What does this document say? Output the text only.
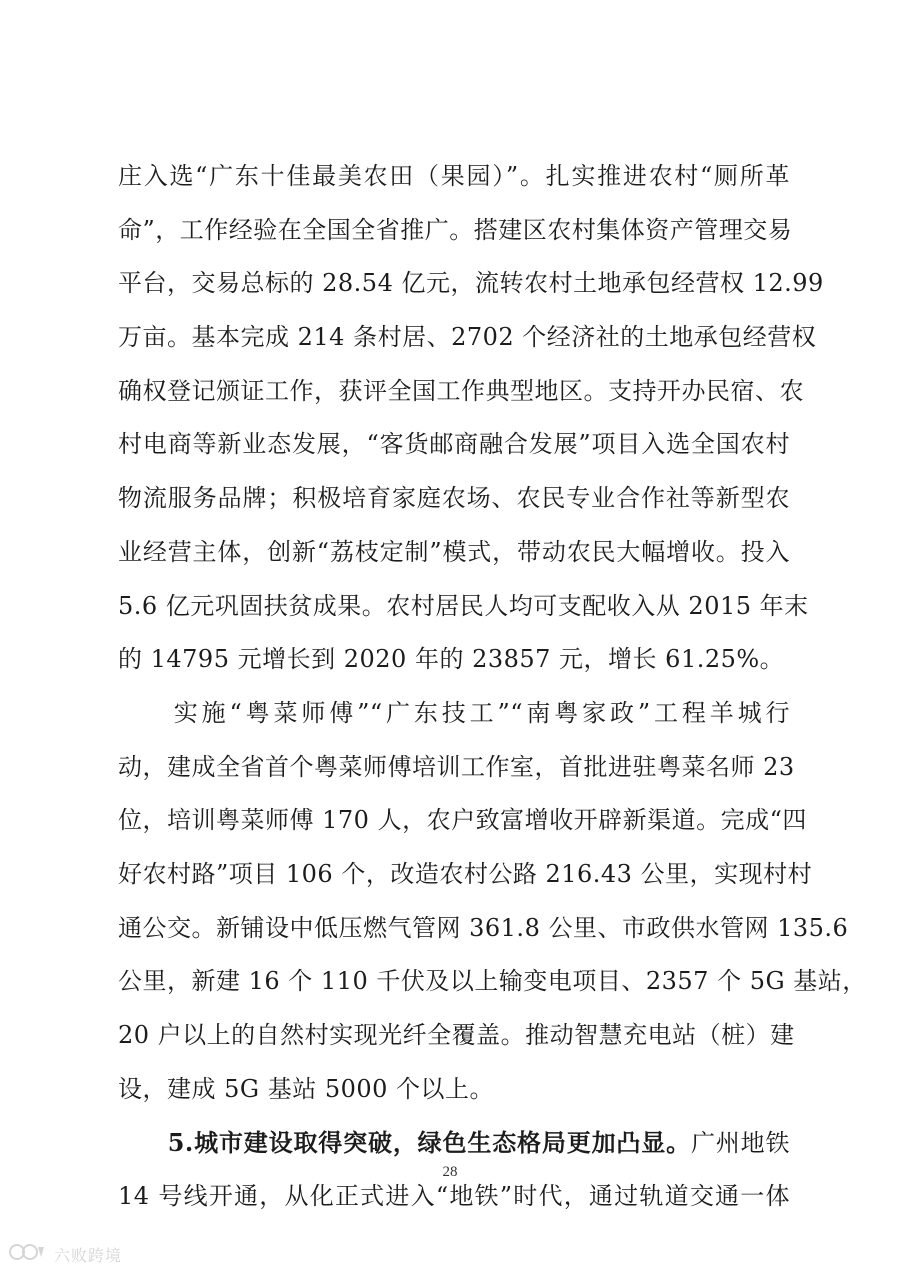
庄入选“广东十佳最美农田（果园）”。扎实推进农村“厕所革
命”，工作经验在全国全省推广。搭建区农村集体资产管理交易
平台，交易总标的 28.54 亿元，流转农村土地承包经营权 12.99
万亩。基本完成 214 条村居、2702 个经济社的土地承包经营权
确权登记颁证工作，获评全国工作典型地区。支持开办民宿、农
村电商等新业态发展，“客货邮商融合发展”项目入选全国农村
物流服务品牌；积极培育家庭农场、农民专业合作社等新型农
业经营主体，创新“荔枝定制”模式，带动农民大幅增收。投入
5.6 亿元巩固扶贫成果。农村居民人均可支配收入从 2015 年末
的 14795 元增长到 2020 年的 23857 元，增长 61.25%。
　　实施“粤菜师傅”“广东技工”“南粤家政”工程羊城行
动，建成全省首个粤菜师傅培训工作室，首批进驻粤菜名师 23
位，培训粤菜师傅 170 人，农户致富增收开辟新渠道。完成“四
好农村路”项目 106 个，改造农村公路 216.43 公里，实现村村
通公交。新铺设中低压燃气管网 361.8 公里、市政供水管网 135.6
公里，新建 16 个 110 千伏及以上输变电项目、2357 个 5G 基站，
20 户以上的自然村实现光纤全覆盖。推动智慧充电站（桩）建
设，建成 5G 基站 5000 个以上。
　　5.城市建设取得突破，绿色生态格局更加凸显。广州地铁
14 号线开通，从化正式进入“地铁”时代，通过轨道交通一体
28
六败跨境
